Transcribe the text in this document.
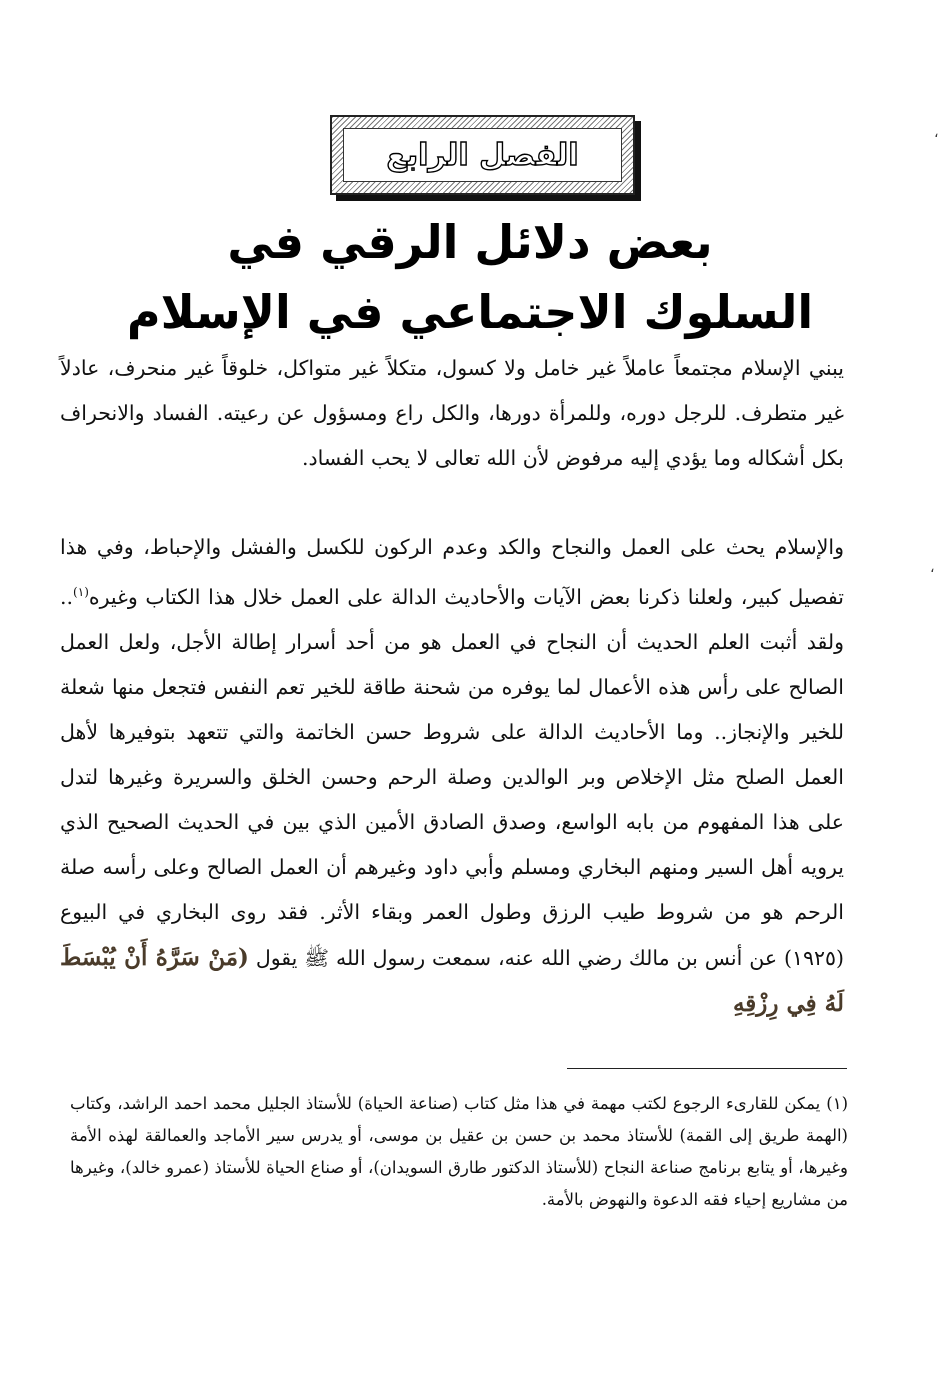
الفصل الرابع
بعض دلائل الرقي في
السلوك الاجتماعي في الإسلام
يبني الإسلام مجتمعاً عاملاً غير خامل ولا كسول، متكلاً غير متواكل، خلوقاً غير منحرف، عادلاً غير متطرف. للرجل دوره، وللمرأة دورها، والكل راع ومسؤول عن رعيته. الفساد والانحراف بكل أشكاله وما يؤدي إليه مرفوض لأن الله تعالى لا يحب الفساد.
والإسلام يحث على العمل والنجاح والكد وعدم الركون للكسل والفشل والإحباط، وفي هذا تفصيل كبير، ولعلنا ذكرنا بعض الآيات والأحاديث الدالة على العمل خلال هذا الكتاب وغيره$^{(١)}$.. ولقد أثبت العلم الحديث أن النجاح في العمل هو من أحد أسرار إطالة الأجل، ولعل العمل الصالح على رأس هذه الأعمال لما يوفره من شحنة طاقة للخير تعم النفس فتجعل منها شعلة للخير والإنجاز.. وما الأحاديث الدالة على شروط حسن الخاتمة والتي تتعهد بتوفيرها لأهل العمل الصلح مثل الإخلاص وبر الوالدين وصلة الرحم وحسن الخلق والسريرة وغيرها لتدل على هذا المفهوم من بابه الواسع، وصدق الصادق الأمين الذي بين في الحديث الصحيح الذي يرويه أهل السير ومنهم البخاري ومسلم وأبي داود وغيرهم أن العمل الصالح وعلى رأسه صلة الرحم هو من شروط طيب الرزق وطول العمر وبقاء الأثر. فقد روى البخاري في البيوع (١٩٢٥) عن أنس بن مالك رضي الله عنه، سمعت رسول الله ﷺ يقول (مَنْ سَرَّهُ أَنْ يُبْسَطَ لَهُ فِي رِزْقِهِ
(١)يمكن للقارىء الرجوع لكتب مهمة في هذا مثل كتاب (صناعة الحياة) للأستاذ الجليل محمد احمد الراشد، وكتاب (الهمة طريق إلى القمة) للأستاذ محمد بن حسن بن عقيل بن موسى، أو يدرس سير الأماجد والعمالقة لهذه الأمة وغيرها، أو يتابع برنامج صناعة النجاح (للأستاذ الدكتور طارق السويدان)، أو صناع الحياة للأستاذ (عمرو خالد)، وغيرها من مشاريع إحياء فقه الدعوة والنهوض بالأمة.
،
،
